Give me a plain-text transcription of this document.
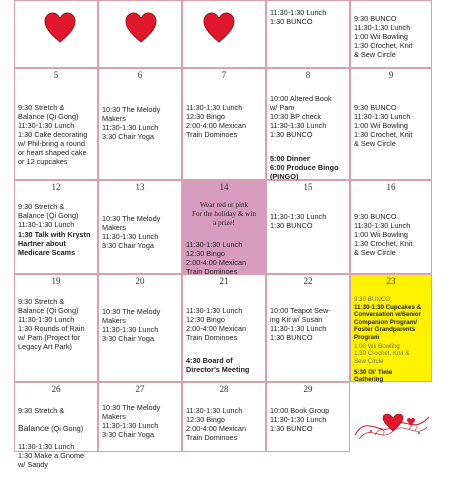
11:30-1:30 Lunch
1:30 BUNCO	9:30 BUNCO
11:30-1:30 Lunch
1:00 Wii Bowling
1:30 Crochet, Knit
& Sew Circle

5

9:30 Stretch &
Balance (Qi Gong)
11:30-1:30 Lunch
1:30 Cake decorating
w/ Phil-bring a round
or heart shaped cake
or 12 cupcakes

6

10:30 The Melody
Makers
11:30-1:30 Lunch
3:30 Chair Yoga

7

11:30-1:30 Lunch
12:30 Bingo
2:00-4:00 Mexican
Train Dominoes

8

10:00 Altered Book
w/ Pam
10:30 BP check
11:30-1:30 Lunch
1:30 BUNCO

5:00 Dinner
6:00 Produce Bingo
(PINGO)

9

9:30 BUNCO
11:30-1:30 Lunch
1:00 Wii Bowling
1:30 Crochet, Knit
& Sew Circle

12

9:30 Stretch &
Balance (Qi Gong)
11:30-1:30 Lunch

1:30 Talk with Krystn
Hartner about
Medicare Scams

13

10:30 The Melody
Makers
11:30-1:30 Lunch
3:30 Chair Yoga

14

Wear red or pink
For the holiday & win
a prize!

11:30-1:30 Lunch
12:30 Bingo
2:00-4:00 Mexican
Train Dominoes

15

11:30-1:30 Lunch
1:30 BUNCO

16

9:30 BUNCO
11:30-1:30 Lunch
1:00 Wii Bowling
1:30 Crochet, Knit
& Sew Circle

19

9:30 Stretch &
Balance (Qi Gong)
11:30-1:30 Lunch
1:30 Rounds of Rain
w/ Pam (Project for
Legacy Art Park)

20

10:30 The Melody
Makers
11:30-1:30 Lunch
3:30 Chair Yoga

21

11:30-1:30 Lunch
12:30 Bingo
2:00-4:00 Mexican
Train Dominoes

4:30 Board of
Director's Meeting

22

10:00 Teapot Sew-
ing Kit w/ Susan
11:30-1:30 Lunch
1:30 BUNCO

23

9:30 BUNCO

11:30-1:30 Cupcakes &
Conversation w/Senior
Companion Program/
Foster Grandparents
Program

1:00 Wii Bowling
1:30 Crochet, Knit &
Sew Circle

5:30 Ol' Time
Gathering

26

9:30 Stretch &

Balance (Qi Gong)

11:30-1:30 Lunch
1:30 Make a Gnome
w/ Sandy

27

10:30 The Melody
Makers
11:30-1:30 Lunch
3:30 Chair Yoga

28

11:30-1:30 Lunch
12:30 Bingo
2:00-4:00 Mexican
Train Dominoes

29

10:00 Book Group
11:30-1:30 Lunch
1:30 BUNCO
